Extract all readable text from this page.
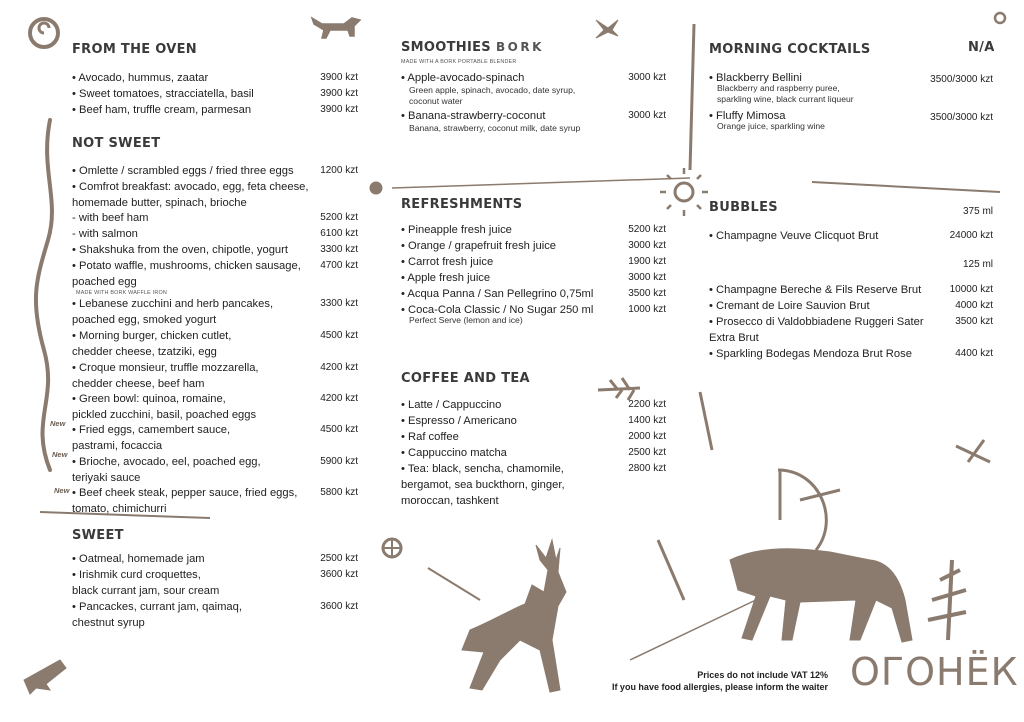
FROM THE OVEN
• Avocado, hummus, zaatar	3900 kzt
• Sweet tomatoes, stracciatella, basil	3900 kzt
• Beef ham, truffle cream, parmesan	3900 kzt
NOT SWEET
• Omlette / scrambled eggs / fried three eggs	1200 kzt
• Comfrot breakfast: avocado, egg, feta cheese,
homemade butter, spinach, brioche
- with beef ham	5200 kzt
- with salmon	6100 kzt
• Shakshuka from the oven, chipotle, yogurt	3300 kzt
• Potato waffle, mushrooms, chicken sausage,	4700 kzt
poached egg
• Lebanese zucchini and herb pancakes,	3300 kzt
poached egg, smoked yogurt
• Morning burger, chicken cutlet,	4500 kzt
chedder cheese, tzatziki, egg
• Croque monsieur, truffle mozzarella,	4200 kzt
chedder cheese, beef ham
• Green bowl: quinoa, romaine,	4200 kzt
pickled zucchini, basil, poached eggs
• Fried eggs, camembert sauce,	4500 kzt
pastrami, focaccia
• Brioche, avocado, eel, poached egg,	5900 kzt
teriyaki sauce
• Beef cheek steak, pepper sauce, fried eggs,	5800 kzt
tomato, chimichurri
MADE WITH BORK WAFFLE IRON
New
New
New
SWEET
• Oatmeal, homemade jam	2500 kzt
• Irishmik curd croquettes,	3600 kzt
black currant jam, sour cream
• Pancackes, currant jam, qaimaq,	3600 kzt
chestnut syrup
SMOOTHIES BORK
MADE WITH A BORK PORTABLE BLENDER
• Apple-avocado-spinach	3000 kzt
Green apple, spinach, avocado, date syrup,
coconut water
• Banana-strawberry-coconut	3000 kzt
Banana, strawberry, coconut milk, date syrup
REFRESHMENTS
• Pineapple fresh juice	5200 kzt
• Orange / grapefruit fresh juice	3000 kzt
• Carrot fresh juice	1900 kzt
• Apple fresh juice	3000 kzt
• Acqua Panna / San Pellegrino 0,75ml	3500 kzt
• Coca-Cola Classic / No Sugar 250 ml	1000 kzt
Perfect Serve (lemon and ice)
COFFEE AND TEA
• Latte / Cappuccino	2200 kzt
• Espresso / Americano	1400 kzt
• Raf coffee	2000 kzt
• Cappuccino matcha	2500 kzt
• Tea: black, sencha, chamomile,	2800 kzt
bergamot, sea buckthorn, ginger,
moroccan, tashkent
MORNING COCKTAILS	N/A
• Blackberry Bellini	3500/3000 kzt
Blackberry and raspberry puree,
sparkling wine, black currant liqueur
• Fluffy Mimosa	3500/3000 kzt
Orange juice, sparkling wine
BUBBLES	375 ml
• Champagne Veuve Clicquot Brut	24000 kzt
125 ml
• Champagne Bereche & Fils Reserve Brut	10000 kzt
• Cremant de Loire Sauvion Brut	4000 kzt
• Prosecco di Valdobbiadene Ruggeri Sater	3500 kzt
Extra Brut
• Sparkling Bodegas Mendoza Brut Rose	4400 kzt
Prices do not include VAT 12%
If you have food allergies, please inform the waiter ОГОНЁК
